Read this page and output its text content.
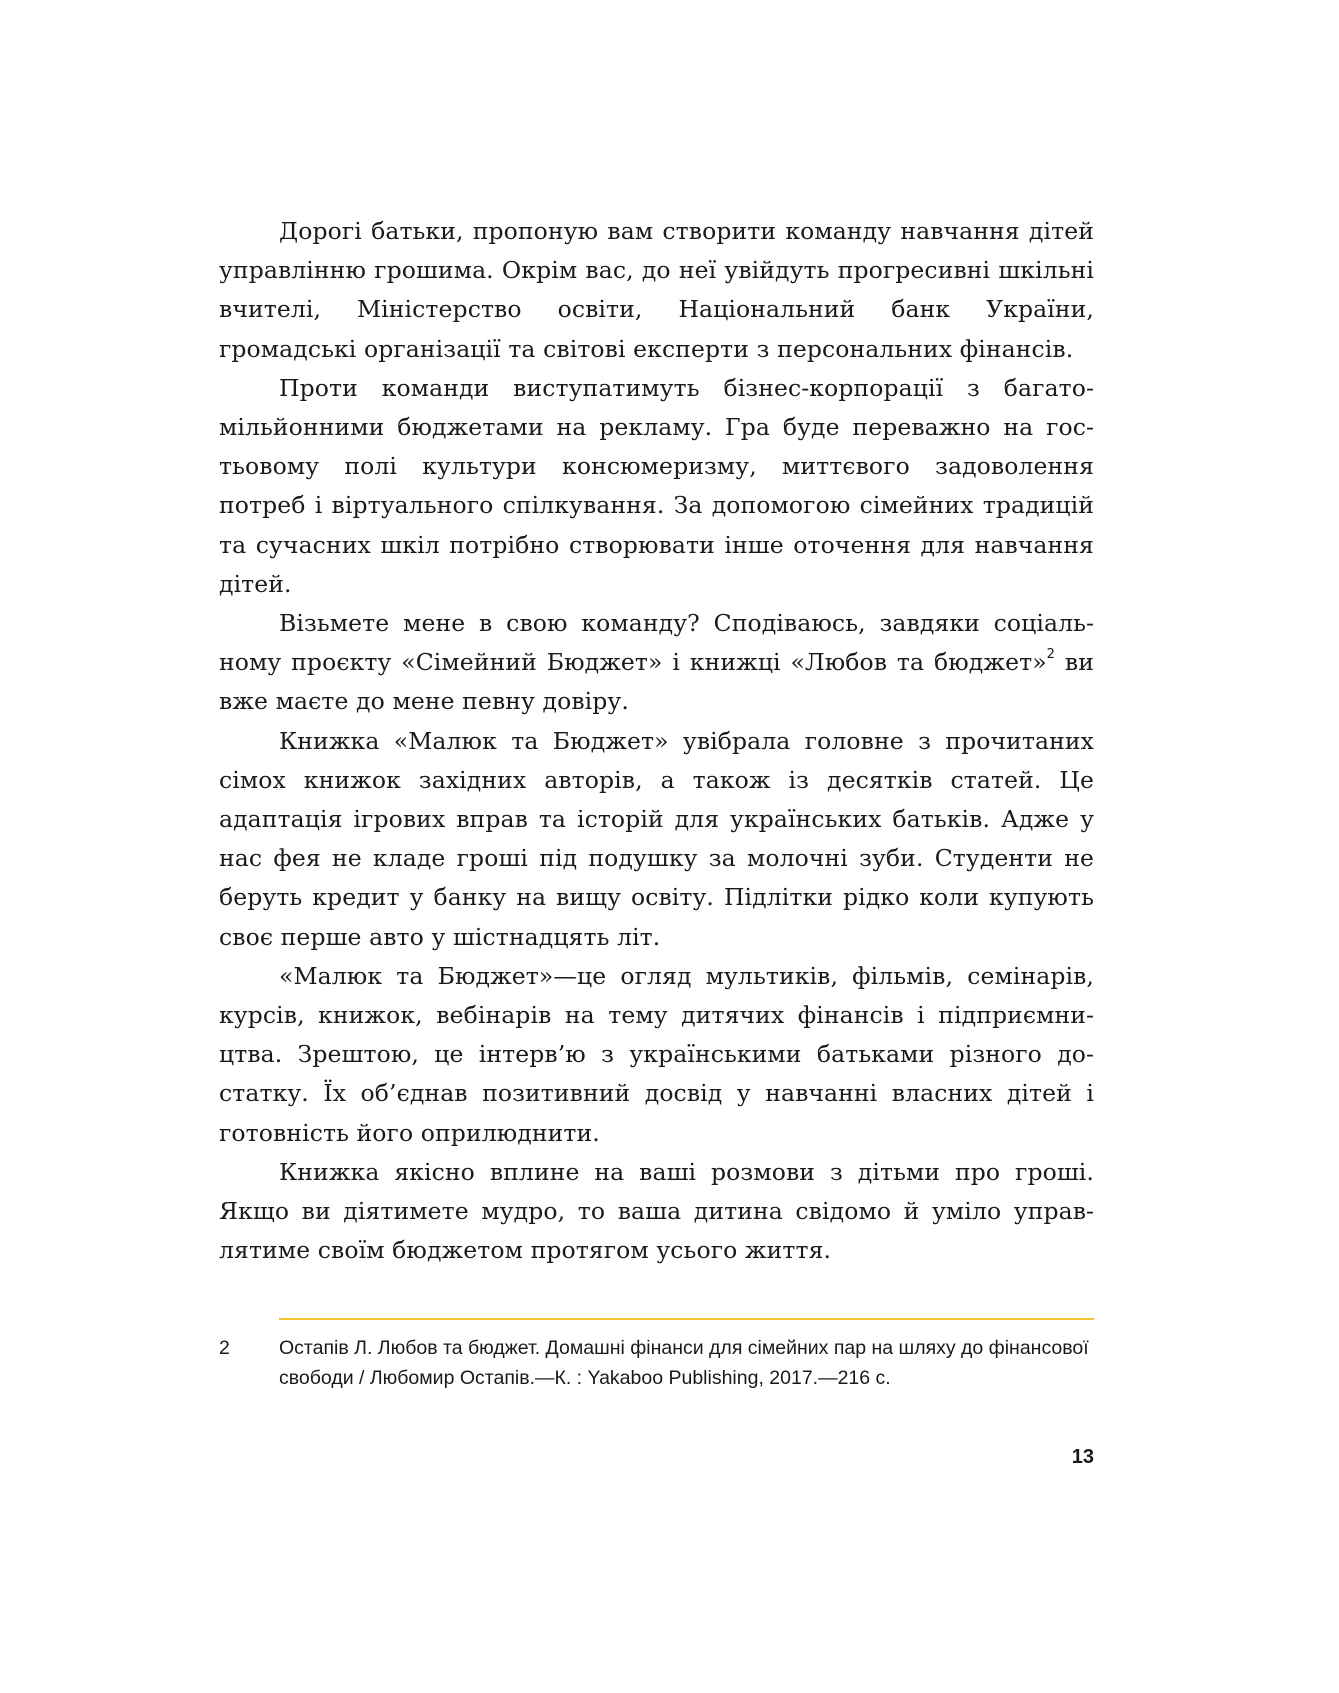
Дорогі батьки, пропоную вам створити команду навчання дітей управлінню грошима. Окрім вас, до неї увійдуть прогресивні шкільні вчителі, Міністерство освіти, Національний банк України, громадські організації та світові експерти з персональних фінансів.

Проти команди виступатимуть бізнес-корпорації з багатомільйонними бюджетами на рекламу. Гра буде переважно на гостьовому полі культури консюмеризму, миттєвого задоволення потреб і віртуального спілкування. За допомогою сімейних традицій та сучасних шкіл потрібно створювати інше оточення для навчання дітей.

Візьмете мене в свою команду? Сподіваюсь, завдяки соціальному проєкту «Сімейний Бюджет» і книжці «Любов та бюджет»$^2$ ви вже маєте до мене певну довіру.

Книжка «Малюк та Бюджет» увібрала головне з прочитаних сімох книжок західних авторів, а також із десятків статей. Це адаптація ігрових вправ та історій для українських батьків. Адже у нас фея не кладе гроші під подушку за молочні зуби. Студенти не беруть кредит у банку на вищу освіту. Підлітки рідко коли купують своє перше авто у шістнадцять літ.

«Малюк та Бюджет»—це огляд мультиків, фільмів, семінарів, курсів, книжок, вебінарів на тему дитячих фінансів і підприємництва. Зрештою, це інтерв’ю з українськими батьками різного достатку. Їх об’єднав позитивний досвід у навчанні власних дітей і готовність його оприлюднити.

Книжка якісно вплине на ваші розмови з дітьми про гроші. Якщо ви діятимете мудро, то ваша дитина свідомо й уміло управлятиме своїм бюджетом протягом усього життя.

2	Остапів Л. Любов та бюджет. Домашні фінанси для сімейних пар на шляху до фінансової свободи / Любомир Остапів.—К. : Yakaboo Publishing, 2017.—216 с.
13
